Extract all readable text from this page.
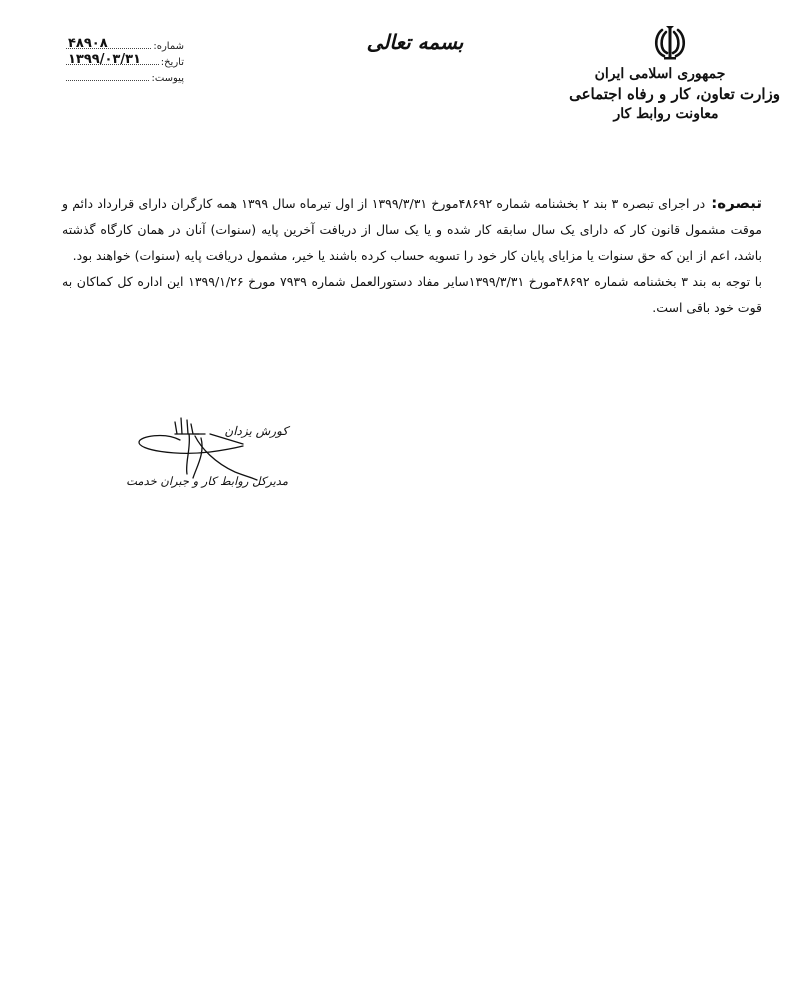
جمهوری اسلامی ایران
وزارت تعاون، کار و رفاه اجتماعی
معاونت روابط کار
بسمه تعالی
شماره:
۴۸۹۰۸
تاریخ:
۱۳۹۹/۰۳/۳۱
پیوست:

تبصره:در اجرای تبصره ۳ بند ۲ بخشنامه شماره ۴۸۶۹۲مورخ ۱۳۹۹/۳/۳۱ از اول تیرماه سال ۱۳۹۹ همه کارگران دارای قرارداد دائم و موقت مشمول قانون کار که دارای یک سال سابقه کار شده و یا یک سال از دریافت آخرین پایه (سنوات) آنان در همان کارگاه گذشته باشد، اعم از این که حق سنوات یا مزایای پایان کار خود را تسویه حساب کرده باشند یا خیر، مشمول دریافت پایه (سنوات) خواهند بود.

با توجه به بند ۳ بخشنامه شماره ۴۸۶۹۲مورخ ۱۳۹۹/۳/۳۱سایر مفاد دستورالعمل شماره ۷۹۳۹ مورخ ۱۳۹۹/۱/۲۶ این اداره کل کماکان به قوت خود باقی است.

کورش یزدان
مدیرکل روابط کار و جبران خدمت
